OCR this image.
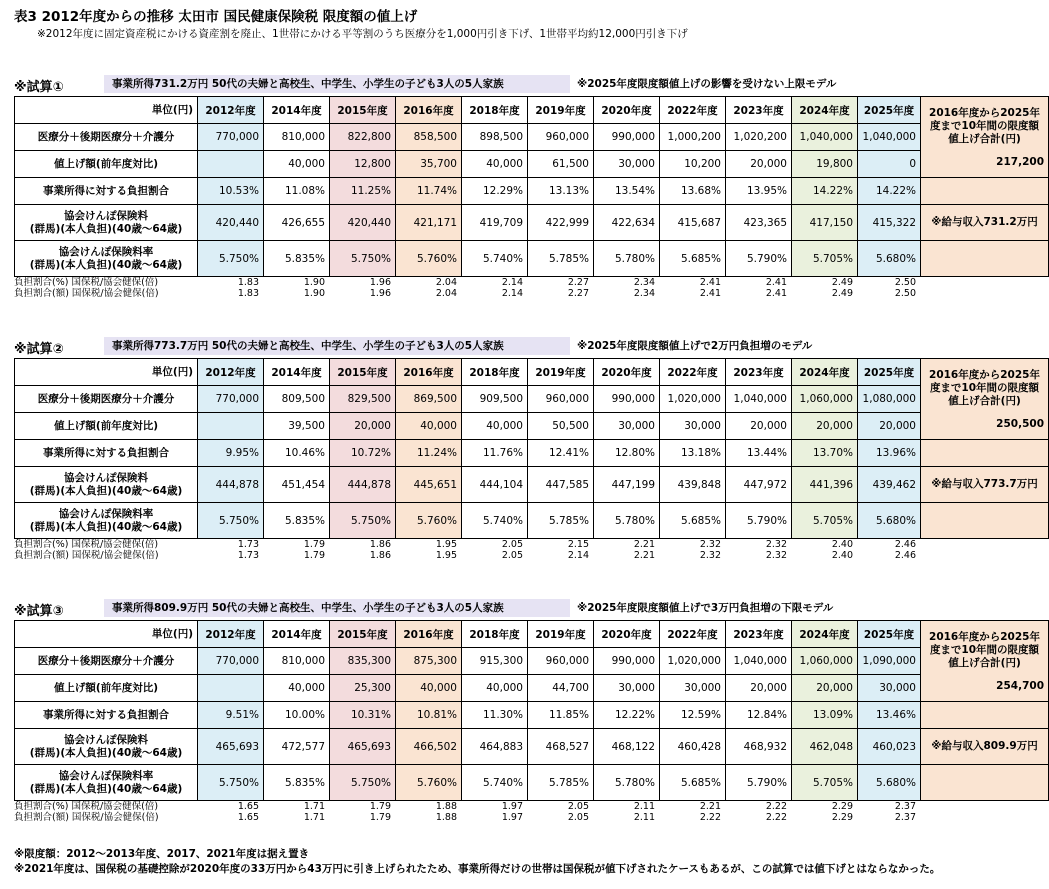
表3 2012年度からの推移 太田市 国民健康保険税 限度額の値上げ
※2012年度に固定資産税にかける資産割を廃止、1世帯にかける平等割のうち医療分を1,000円引き下げ、1世帯平均約12,000円引き下げ
※試算①	事業所得731.2万円 50代の夫婦と高校生、中学生、小学生の子ども3人の5人家族	※2025年度限度額値上げの影響を受けない上限モデル
単位(円)	2012年度	2014年度	2015年度	2016年度	2018年度	2019年度	2020年度	2022年度	2023年度	2024年度	2025年度	2016年度から2025年度まで10年間の限度額値上げ合計(円)
217,200

医療分＋後期医療分＋介護分	770,000	810,000	822,800	858,500	898,500	960,000	990,000	1,000,200	1,020,200	1,040,000	1,040,000	

値上げ額(前年度対比)		40,000	12,800	35,700	40,000	61,500	30,000	10,200	20,000	19,800	0	

事業所得に対する負担割合	10.53%	11.08%	11.25%	11.74%	12.29%	13.13%	13.54%	13.68%	13.95%	14.22%	14.22%	

協会けんぽ保険料
(群馬)(本人負担)(40歳～64歳)	420,440	426,655	420,440	421,171	419,709	422,999	422,634	415,687	423,365	417,150	415,322	※給与収入731.2万円

協会けんぽ保険料率
(群馬)(本人負担)(40歳～64歳)	5.750%	5.835%	5.750%	5.760%	5.740%	5.785%	5.780%	5.685%	5.790%	5.705%	5.680%	
負担割合(%) 国保税/協会健保(倍)	1.83	1.90	1.96	2.04	2.14	2.27	2.34	2.41	2.41	2.49	2.50
負担割合(額) 国保税/協会健保(倍)	1.83	1.90	1.96	2.04	2.14	2.27	2.34	2.41	2.41	2.49	2.50
※試算②	事業所得773.7万円 50代の夫婦と高校生、中学生、小学生の子ども3人の5人家族	※2025年度限度額値上げで2万円負担増のモデル
単位(円)	2012年度	2014年度	2015年度	2016年度	2018年度	2019年度	2020年度	2022年度	2023年度	2024年度	2025年度	2016年度から2025年度まで10年間の限度額値上げ合計(円)
250,500

医療分＋後期医療分＋介護分	770,000	809,500	829,500	869,500	909,500	960,000	990,000	1,020,000	1,040,000	1,060,000	1,080,000	

値上げ額(前年度対比)		39,500	20,000	40,000	40,000	50,500	30,000	30,000	20,000	20,000	20,000	

事業所得に対する負担割合	9.95%	10.46%	10.72%	11.24%	11.76%	12.41%	12.80%	13.18%	13.44%	13.70%	13.96%	

協会けんぽ保険料
(群馬)(本人負担)(40歳～64歳)	444,878	451,454	444,878	445,651	444,104	447,585	447,199	439,848	447,972	441,396	439,462	※給与収入773.7万円

協会けんぽ保険料率
(群馬)(本人負担)(40歳～64歳)	5.750%	5.835%	5.750%	5.760%	5.740%	5.785%	5.780%	5.685%	5.790%	5.705%	5.680%	
負担割合(%) 国保税/協会健保(倍)	1.73	1.79	1.86	1.95	2.05	2.15	2.21	2.32	2.32	2.40	2.46
負担割合(額) 国保税/協会健保(倍)	1.73	1.79	1.86	1.95	2.05	2.14	2.21	2.32	2.32	2.40	2.46
※試算③	事業所得809.9万円 50代の夫婦と高校生、中学生、小学生の子ども3人の5人家族	※2025年度限度額値上げで3万円負担増の下限モデル
単位(円)	2012年度	2014年度	2015年度	2016年度	2018年度	2019年度	2020年度	2022年度	2023年度	2024年度	2025年度	2016年度から2025年度まで10年間の限度額値上げ合計(円)
254,700

医療分＋後期医療分＋介護分	770,000	810,000	835,300	875,300	915,300	960,000	990,000	1,020,000	1,040,000	1,060,000	1,090,000	

値上げ額(前年度対比)		40,000	25,300	40,000	40,000	44,700	30,000	30,000	20,000	20,000	30,000	

事業所得に対する負担割合	9.51%	10.00%	10.31%	10.81%	11.30%	11.85%	12.22%	12.59%	12.84%	13.09%	13.46%	

協会けんぽ保険料
(群馬)(本人負担)(40歳～64歳)	465,693	472,577	465,693	466,502	464,883	468,527	468,122	460,428	468,932	462,048	460,023	※給与収入809.9万円

協会けんぽ保険料率
(群馬)(本人負担)(40歳～64歳)	5.750%	5.835%	5.750%	5.760%	5.740%	5.785%	5.780%	5.685%	5.790%	5.705%	5.680%	
負担割合(%) 国保税/協会健保(倍)	1.65	1.71	1.79	1.88	1.97	2.05	2.11	2.21	2.22	2.29	2.37
負担割合(額) 国保税/協会健保(倍)	1.65	1.71	1.79	1.88	1.97	2.05	2.11	2.22	2.22	2.29	2.37
※限度額：2012～2013年度、2017、2021年度は据え置き
※2021年度は、国保税の基礎控除が2020年度の33万円から43万円に引き上げられたため、事業所得だけの世帯は国保税が値下げされたケースもあるが、この試算では値下げとはならなかった。
